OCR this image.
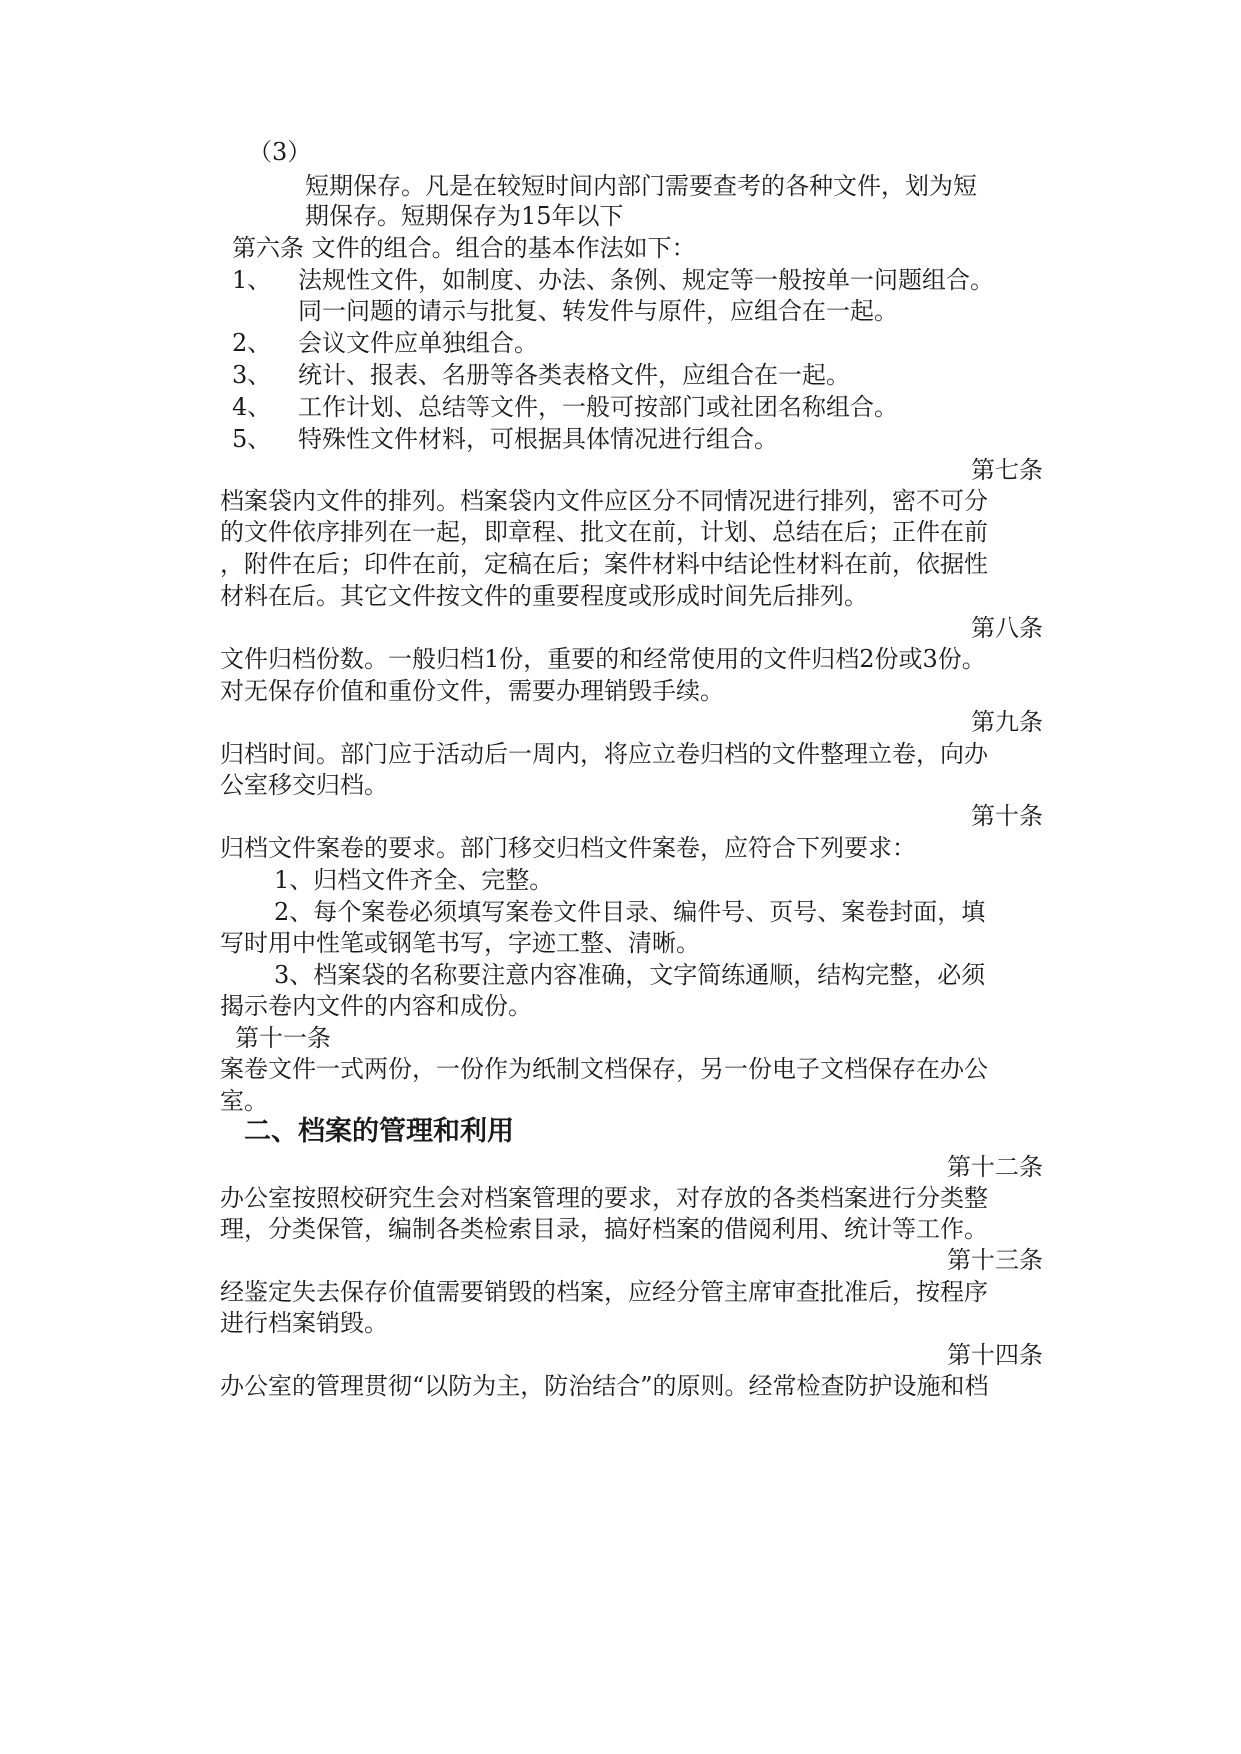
（3）
短期保存。凡是在较短时间内部门需要查考的各种文件，划为短
期保存。短期保存为15年以下
第六条 文件的组合。组合的基本作法如下：
1、 法规性文件，如制度、办法、条例、规定等一般按单一问题组合。
同一问题的请示与批复、转发件与原件，应组合在一起。
2、 会议文件应单独组合。
3、 统计、报表、名册等各类表格文件，应组合在一起。
4、 工作计划、总结等文件，一般可按部门或社团名称组合。
5、 特殊性文件材料，可根据具体情况进行组合。
第七条
档案袋内文件的排列。档案袋内文件应区分不同情况进行排列，密不可分
的文件依序排列在一起，即章程、批文在前，计划、总结在后；正件在前
，附件在后；印件在前，定稿在后；案件材料中结论性材料在前，依据性
材料在后。其它文件按文件的重要程度或形成时间先后排列。
第八条
文件归档份数。一般归档1份，重要的和经常使用的文件归档2份或3份。
对无保存价值和重份文件，需要办理销毁手续。
第九条
归档时间。部门应于活动后一周内，将应立卷归档的文件整理立卷，向办
公室移交归档。
第十条
归档文件案卷的要求。部门移交归档文件案卷，应符合下列要求：
1、归档文件齐全、完整。
2、每个案卷必须填写案卷文件目录、编件号、页号、案卷封面，填
写时用中性笔或钢笔书写，字迹工整、清晰。
3、档案袋的名称要注意内容准确，文字简练通顺，结构完整，必须
揭示卷内文件的内容和成份。
第十一条
案卷文件一式两份，一份作为纸制文档保存，另一份电子文档保存在办公
室。
二、档案的管理和利用
第十二条
办公室按照校研究生会对档案管理的要求，对存放的各类档案进行分类整
理，分类保管，编制各类检索目录，搞好档案的借阅利用、统计等工作。
第十三条
经鉴定失去保存价值需要销毁的档案，应经分管主席审查批准后，按程序
进行档案销毁。
第十四条
办公室的管理贯彻“以防为主，防治结合”的原则。经常检查防护设施和档
